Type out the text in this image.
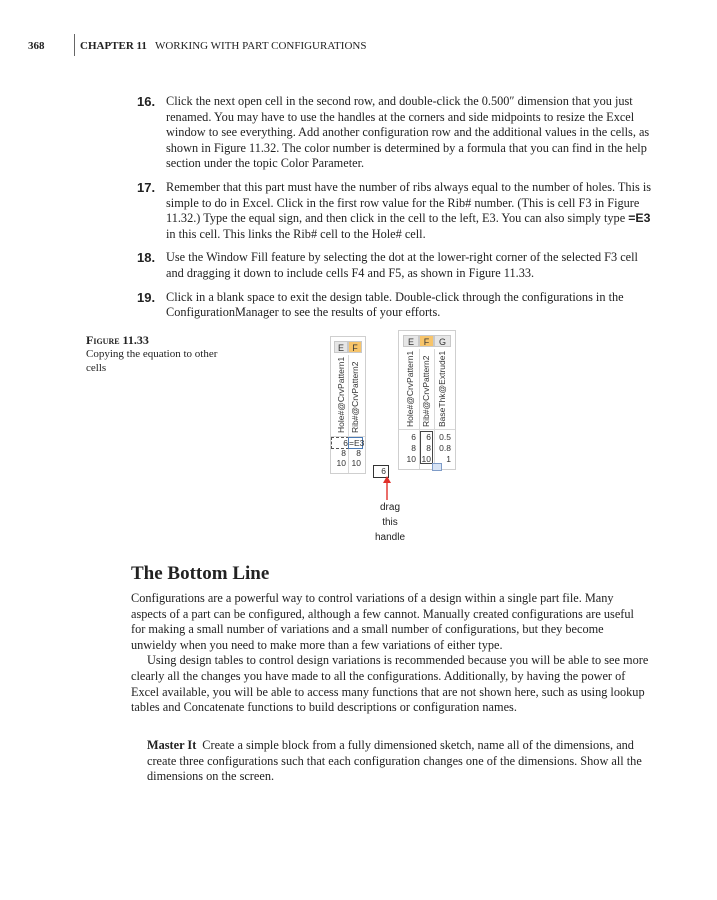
368	CHAPTER 11 WORKING WITH PART CONFIGURATIONS
16. Click the next open cell in the second row, and double-click the 0.500″ dimension that you just renamed. You may have to use the handles at the corners and side midpoints to resize the Excel window to see everything. Add another configuration row and the additional values in the cells, as shown in Figure 11.32. The color number is determined by a formula that you can find in the help section under the topic Color Parameter.
17. Remember that this part must have the number of ribs always equal to the number of holes. This is simple to do in Excel. Click in the first row value for the Rib# number. (This is cell F3 in Figure 11.32.) Type the equal sign, and then click in the cell to the left, E3. You can also simply type =E3 in this cell. This links the Rib# cell to the Hole# cell.
18. Use the Window Fill feature by selecting the dot at the lower-right corner of the selected F3 cell and dragging it down to include cells F4 and F5, as shown in Figure 11.33.
19. Click in a blank space to exit the design table. Double-click through the configurations in the ConfigurationManager to see the results of your efforts.
Figure 11.33
Copying the equation to other cells
E F
Hole#@CrvPattern1 Rib#@CrvPattern2
6 =E3
8	8
10 10
6
drag
this
handle
E	F	G
Hole#@CrvPattern1 Rib#@CrvPattern2 BaseThk@Extrude1
6	6 0.5
8	8 0.8
10 10	1
The Bottom Line

Configurations are a powerful way to control variations of a design within a single part file. Many aspects of a part can be configured, although a few cannot. Manually created configurations are useful for making a small number of variations and a small number of configurations, but they become unwieldy when you need to make more than a few variations of either type.

Using design tables to control design variations is recommended because you will be able to see more clearly all the changes you have made to all the configurations. Additionally, by having the power of Excel available, you will be able to access many functions that are not shown here, such as using lookup tables and Concatenate functions to build descriptions or configuration names.

Master It Create a simple block from a fully dimensioned sketch, name all of the dimensions, and create three configurations such that each configuration changes one of the dimensions. Show all the dimensions on the screen.
